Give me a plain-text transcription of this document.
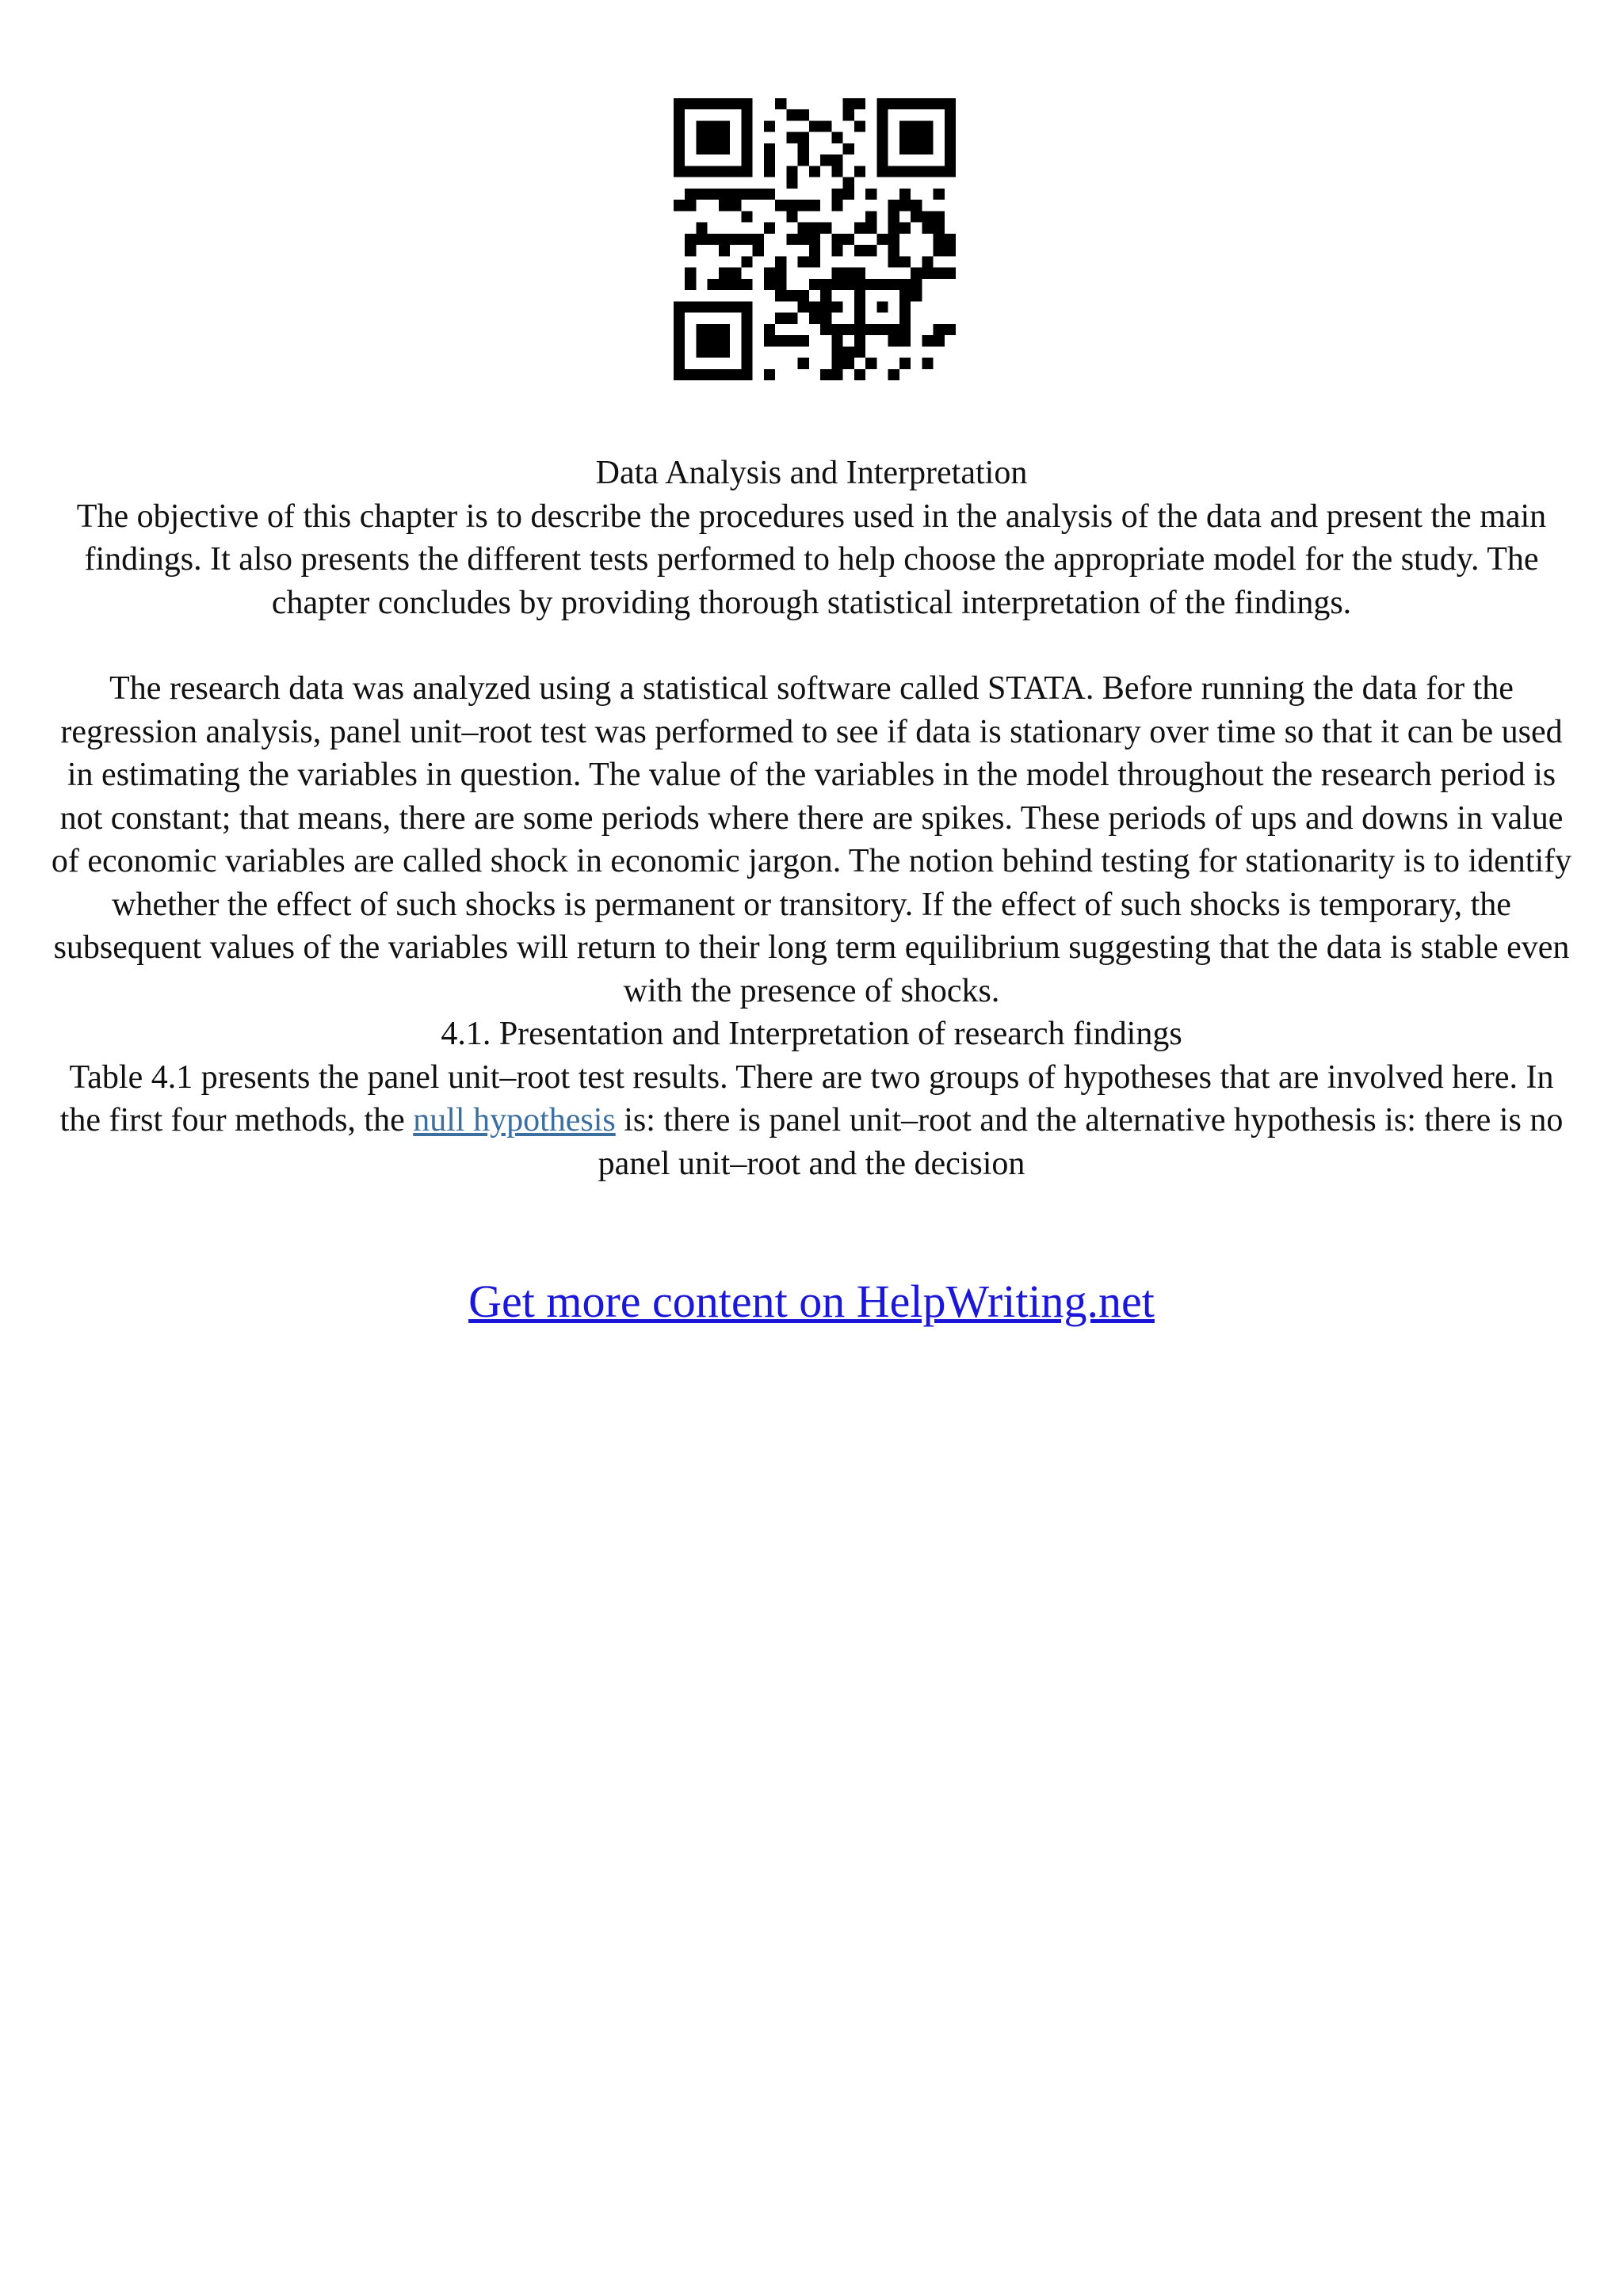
Data Analysis and Interpretation

The objective of this chapter is to describe the procedures used in the analysis of the data and present the main findings. It also presents the different tests performed to help choose the appropriate model for the study. The chapter concludes by providing thorough statistical interpretation of the findings.

The research data was analyzed using a statistical software called STATA. Before running the data for the regression analysis, panel unit–root test was performed to see if data is stationary over time so that it can be used in estimating the variables in question. The value of the variables in the model throughout the research period is not constant; that means, there are some periods where there are spikes. These periods of ups and downs in value of economic variables are called shock in economic jargon. The notion behind testing for stationarity is to identify whether the effect of such shocks is permanent or transitory. If the effect of such shocks is temporary, the subsequent values of the variables will return to their long term equilibrium suggesting that the data is stable even with the presence of shocks.

4.1. Presentation and Interpretation of research findings

Table 4.1 presents the panel unit–root test results. There are two groups of hypotheses that are involved here. In the first four methods, the null hypothesis is: there is panel unit–root and the alternative hypothesis is: there is no panel unit–root and the decision

Get more content on HelpWriting.net
